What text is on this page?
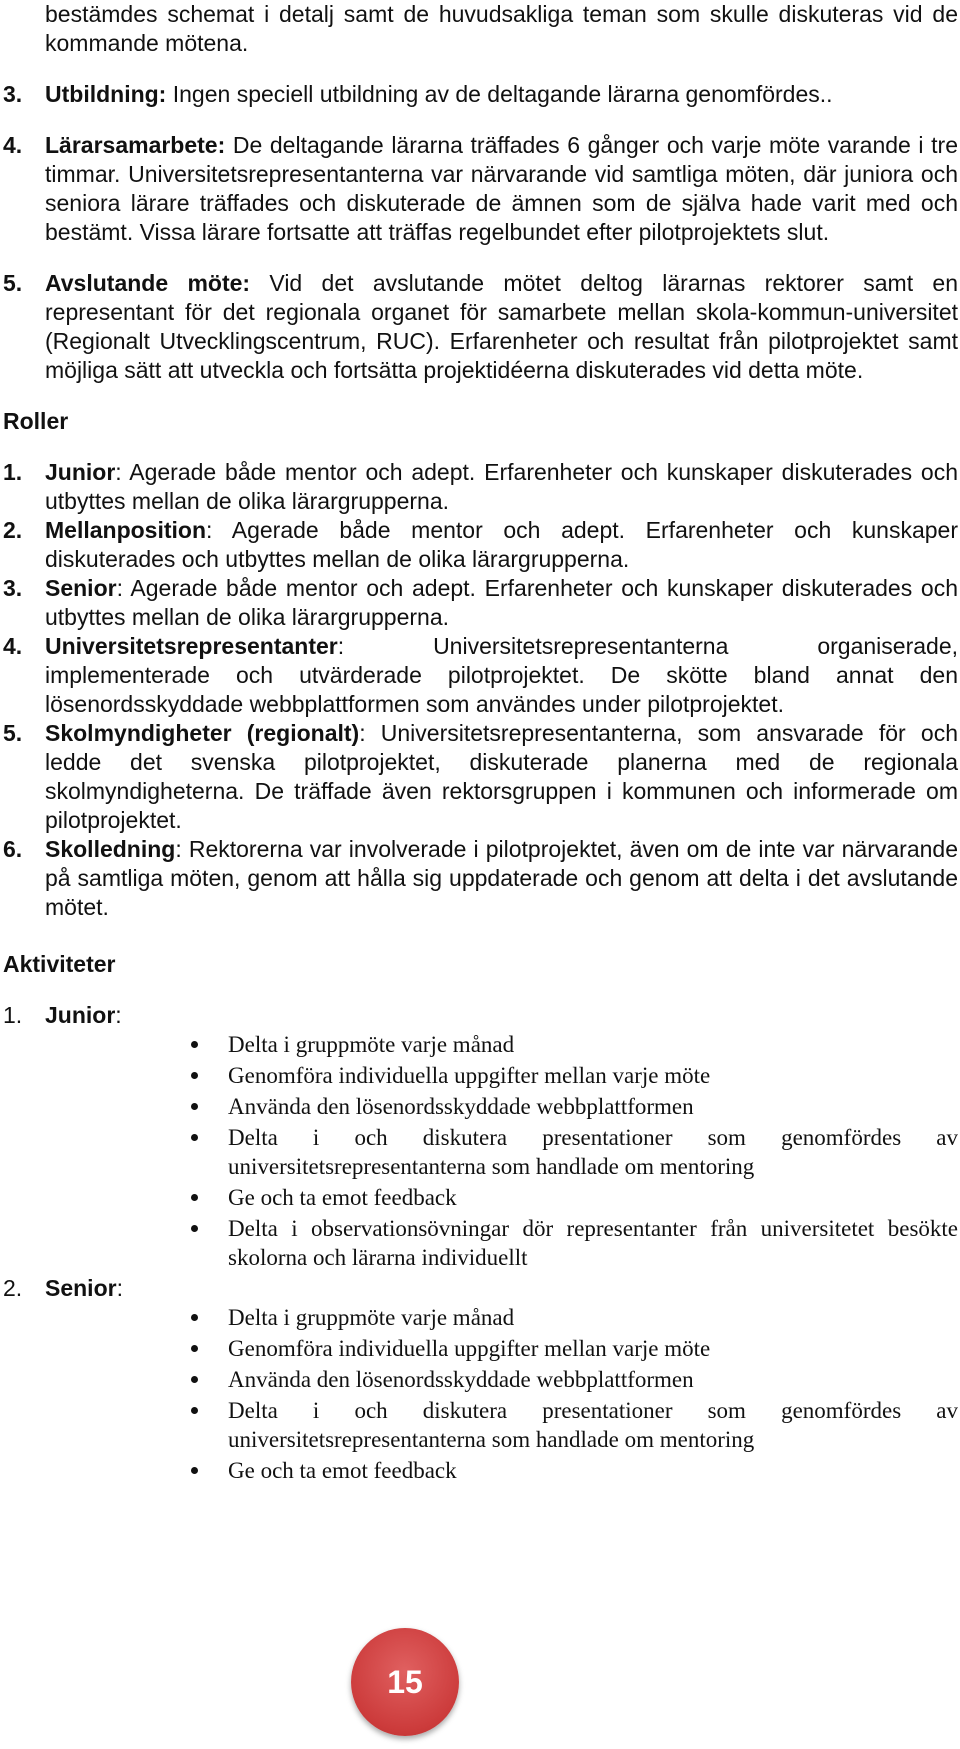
bestämdes schemat i detalj samt de huvudsakliga teman som skulle diskuteras vid de kommande mötena.
3. Utbildning: Ingen speciell utbildning av de deltagande lärarna genomfördes..
4. Lärarsamarbete: De deltagande lärarna träffades 6 gånger och varje möte varande i tre timmar. Universitetsrepresentanterna var närvarande vid samtliga möten, där juniora och seniora lärare träffades och diskuterade de ämnen som de själva hade varit med och bestämt. Vissa lärare fortsatte att träffas regelbundet efter pilotprojektets slut.
5. Avslutande möte: Vid det avslutande mötet deltog lärarnas rektorer samt en representant för det regionala organet för samarbete mellan skola-kommun-universitet (Regionalt Utvecklingscentrum, RUC). Erfarenheter och resultat från pilotprojektet samt möjliga sätt att utveckla och fortsätta projektidéerna diskuterades vid detta möte.
Roller
1. Junior: Agerade både mentor och adept. Erfarenheter och kunskaper diskuterades och utbyttes mellan de olika lärargrupperna.
2. Mellanposition: Agerade både mentor och adept. Erfarenheter och kunskaper diskuterades och utbyttes mellan de olika lärargrupperna.
3. Senior: Agerade både mentor och adept. Erfarenheter och kunskaper diskuterades och utbyttes mellan de olika lärargrupperna.
4. Universitetsrepresentanter: Universitetsrepresentanterna organiserade, implementerade och utvärderade pilotprojektet. De skötte bland annat den lösenordsskyddade webbplattformen som användes under pilotprojektet.
5. Skolmyndigheter (regionalt): Universitetsrepresentanterna, som ansvarade för och ledde det svenska pilotprojektet, diskuterade planerna med de regionala skolmyndigheterna. De träffade även rektorsgruppen i kommunen och informerade om pilotprojektet.
6. Skolledning: Rektorerna var involverade i pilotprojektet, även om de inte var närvarande på samtliga möten, genom att hålla sig uppdaterade och genom att delta i det avslutande mötet.
Aktiviteter
1. Junior:
Delta i gruppmöte varje månad
Genomföra individuella uppgifter mellan varje möte
Använda den lösenordsskyddade webbplattformen
Delta i och diskutera presentationer som genomfördes av universitetsrepresentanterna som handlade om mentoring
Ge och ta emot feedback
Delta i observationsövningar dör representanter från universitetet besökte skolorna och lärarna individuellt
2. Senior:
Delta i gruppmöte varje månad
Genomföra individuella uppgifter mellan varje möte
Använda den lösenordsskyddade webbplattformen
Delta i och diskutera presentationer som genomfördes av universitetsrepresentanterna som handlade om mentoring
Ge och ta emot feedback
15
